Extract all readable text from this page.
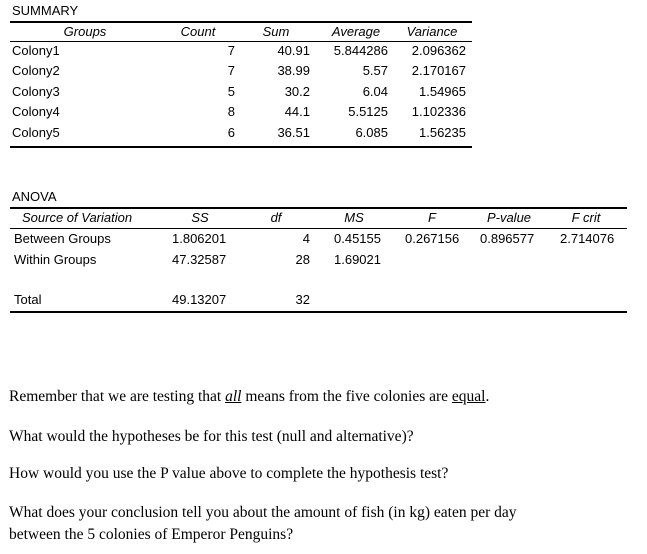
SUMMARY
Groups	Count	Sum	Average	Variance
Colony1	7	40.91	5.844286	2.096362
Colony2	7	38.99	5.57	2.170167
Colony3	5	30.2	6.04	1.54965
Colony4	8	44.1	5.5125	1.102336
Colony5	6	36.51	6.085	1.56235
ANOVA
Source of Variation	SS	df	MS	F	P-value	F crit
Between Groups	1.806201	4 0.45155 0.267156 0.896577 2.714076
Within Groups	47.32587	28 1.69021
Total	49.13207	32
Remember that we are testing that all means from the five colonies are equal.
What would the hypotheses be for this test (null and alternative)?
How would you use the P value above to complete the hypothesis test?
What does your conclusion tell you about the amount of fish (in kg) eaten per day
between the 5 colonies of Emperor Penguins?
